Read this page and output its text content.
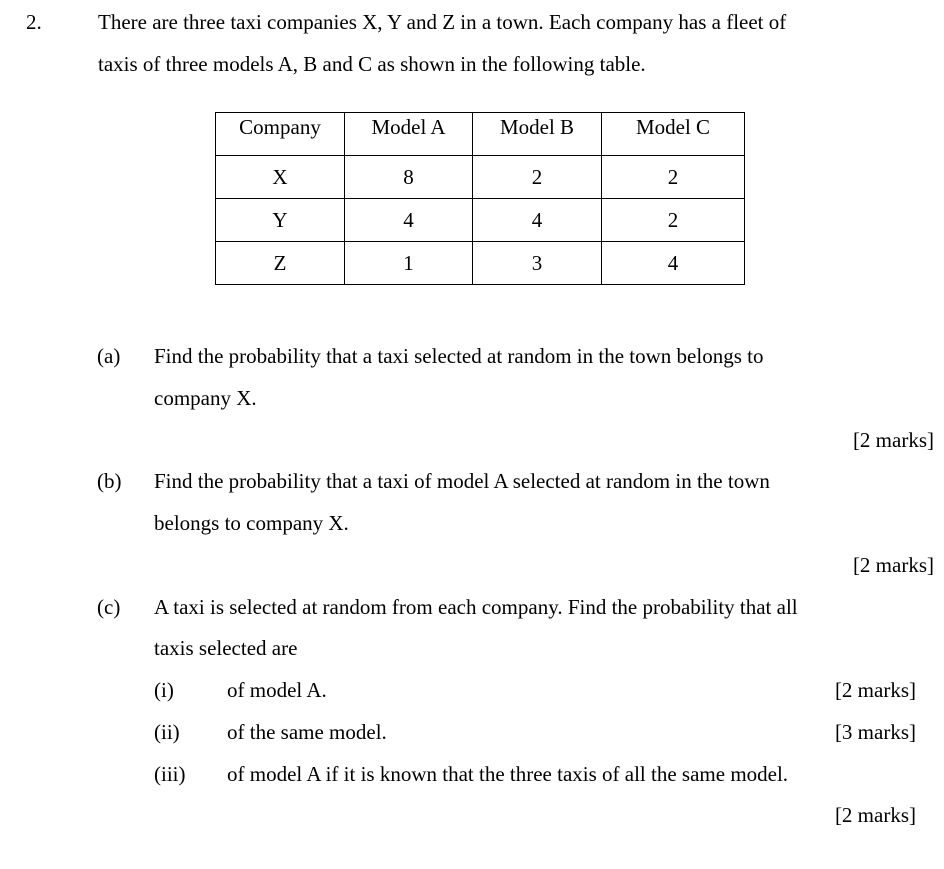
2.	There are three taxi companies X, Y and Z in a town. Each company has a fleet of
taxis of three models A, B and C as shown in the following table.
Company	Model A	Model B	Model C
X	8	2	2
Y	4	4	2
Z	1	3	4
(a) Find the probability that a taxi selected at random in the town belongs to
company X.
[2 marks]
(b) Find the probability that a taxi of model A selected at random in the town
belongs to company X.
[2 marks]
(c) A taxi is selected at random from each company. Find the probability that all
taxis selected are
(i)	of model A.	[2 marks]
(ii) of the same model.	[3 marks]
(iii) of model A if it is known that the three taxis of all the same model.
[2 marks]
